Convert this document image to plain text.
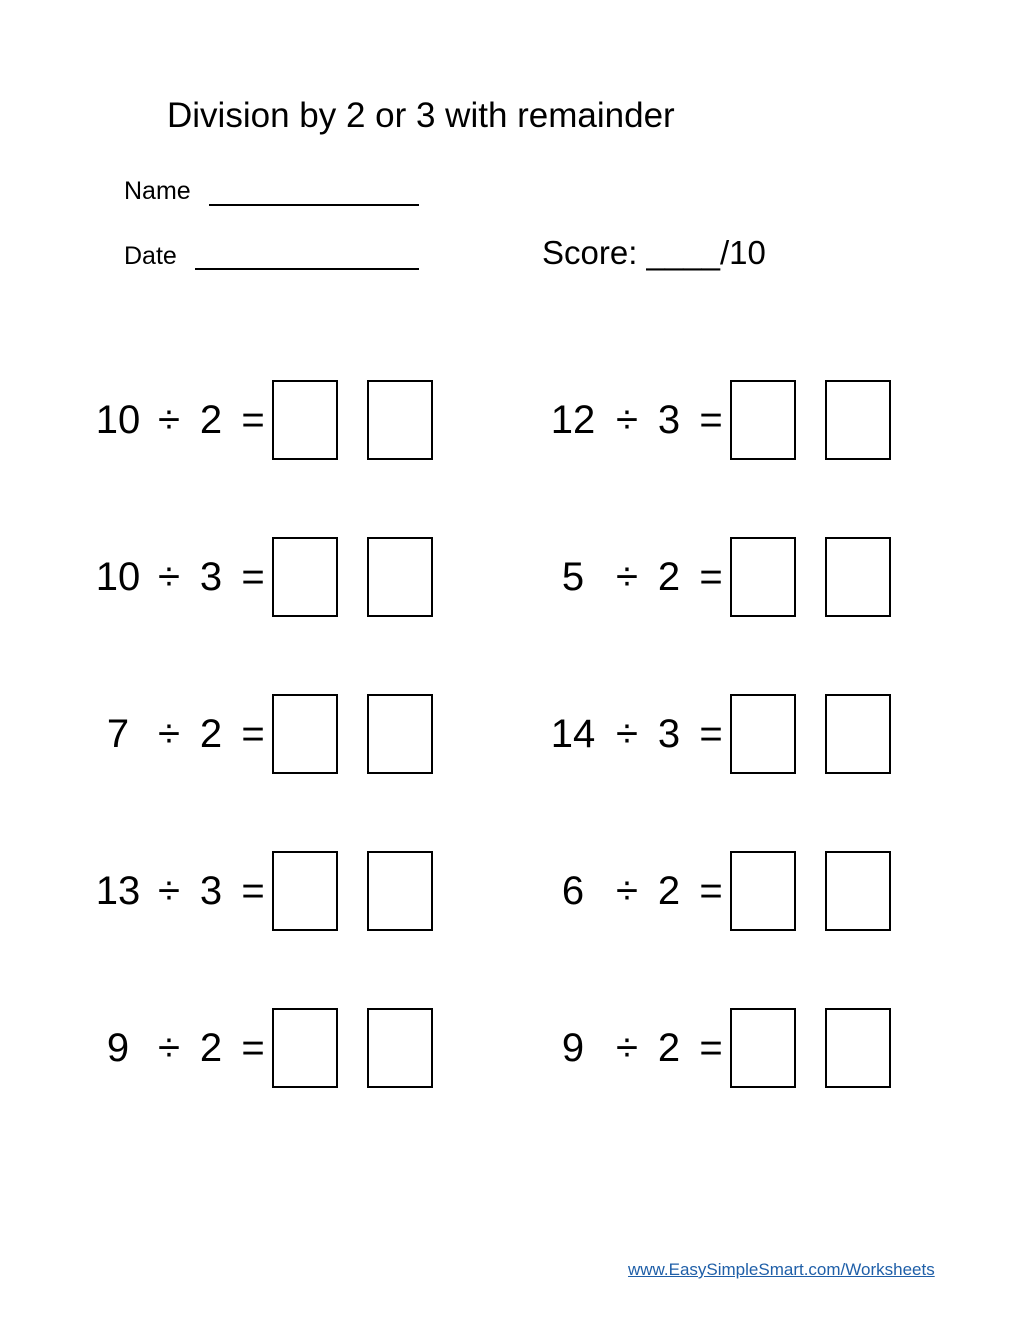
Division by 2 or 3 with remainder
Name
Date	Score: ____/10
10 ÷ 2 =	12 ÷ 3 =
10 ÷ 3 =	5 ÷ 2 =
7 ÷ 2 =	14 ÷ 3 =
13 ÷ 3 =	6 ÷ 2 =
9 ÷ 2 =	9 ÷ 2 =
www.EasySimpleSmart.com/Worksheets
